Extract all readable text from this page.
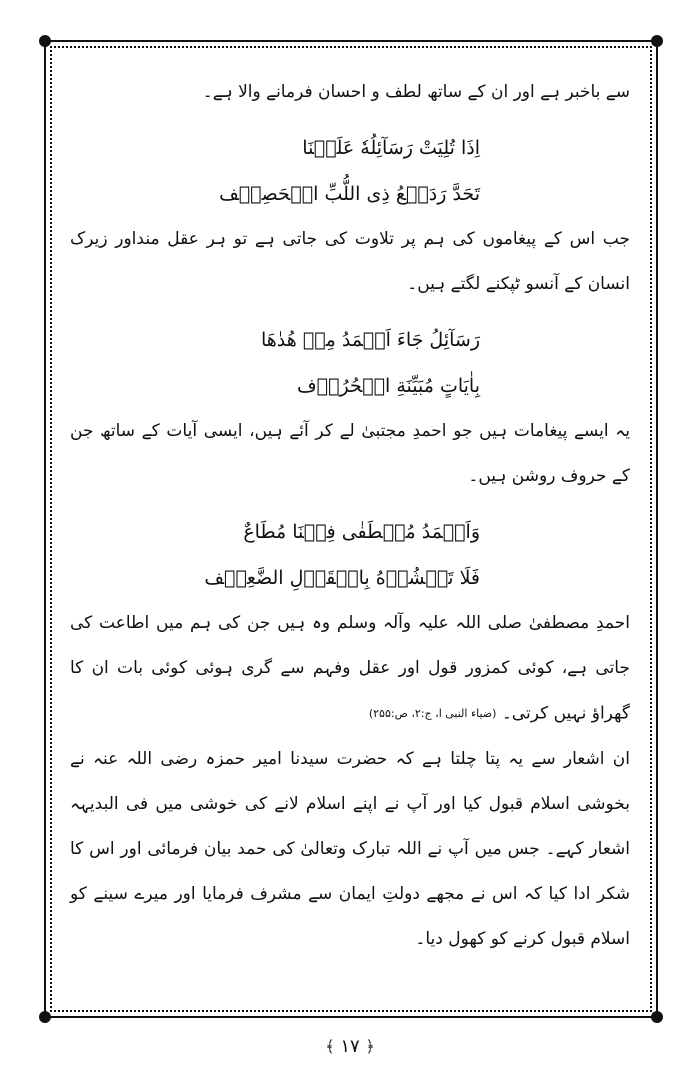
سے باخبر ہے اور ان کے ساتھ لطف و احسان فرمانے والا ہے۔

اِذَا تُلِيَتْ رَسَآئِلُهٗ عَلَيۡنَا

تَحَدَّ رَدَمۡعُ ذِی اللُّبِّ الۡحَصِيۡف

جب اس کے پیغاموں کی ہم پر تلاوت کی جاتی ہے تو ہر عقل منداور زیرک انسان کے آنسو ٹپکنے لگتے ہیں۔

رَسَآئِلُ جَاءَ اَحۡمَدُ مِنۡ هُدٰهَا

بِاٰيَاتٍ مُبَيِّنَةِ الۡحُرُوۡف

یہ ایسے پیغامات ہیں جو احمدِ مجتبیٰ لے کر آئے ہیں، ایسی آیات کے ساتھ جن کے حروف روشن ہیں۔

وَاَحۡمَدُ مُصۡطَفٰی فِيۡنَا مُطَاعٌ

فَلَا تَغۡشُوۡهُ بِالۡقَوۡلِ الضَّعِيۡف

احمدِ مصطفیٰ صلی اللہ علیہ وآلہ وسلم وہ ہیں جن کی ہم میں اطاعت کی جاتی ہے، کوئی کمزور قول اور عقل وفہم سے گری ہوئی کوئی بات ان کا گھراؤ نہیں کرتی۔ (ضیاء النبی ا، ج:۲، ص:۲۵۵)

ان اشعار سے یہ پتا چلتا ہے کہ حضرت سیدنا امیر حمزہ رضی اللہ عنہ نے بخوشی اسلام قبول کیا اور آپ نے اپنے اسلام لانے کی خوشی میں فی البدیہہ اشعار کہے۔ جس میں آپ نے اللہ تبارک وتعالیٰ کی حمد بیان فرمائی اور اس کا شکر ادا کیا کہ اس نے مجھے دولتِ ایمان سے مشرف فرمایا اور میرے سینے کو اسلام قبول کرنے کو کھول دیا۔

﴿ ١٧ ﴾
